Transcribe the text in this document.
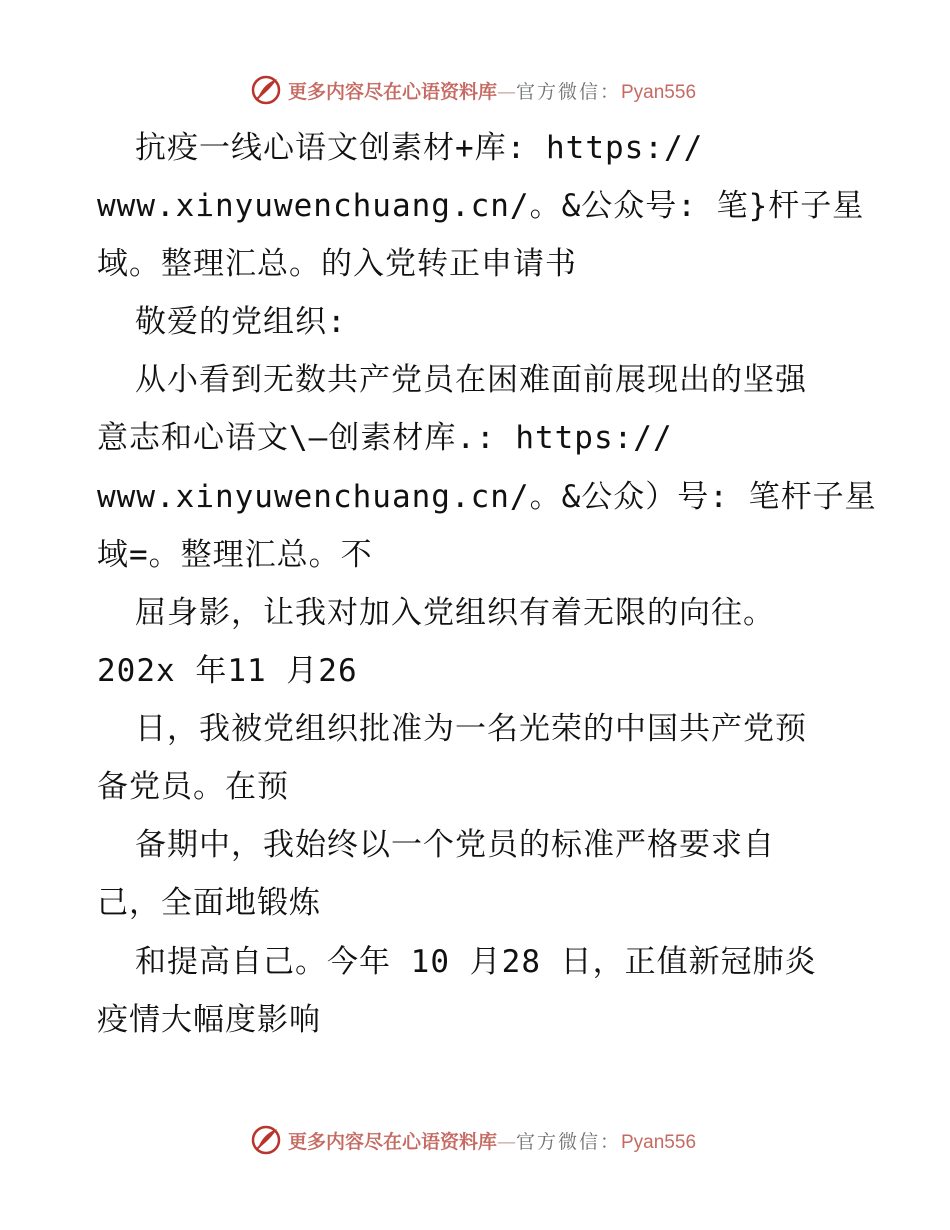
更多内容尽在心语资料库—官方微信：Pyan556
抗疫一线心语文创素材+库: https://
www.xinyuwenchuang.cn/。&公众号: 笔}杆子星
域。整理汇总。的入党转正申请书
敬爱的党组织:
从小看到无数共产党员在困难面前展现出的坚强
意志和心语文\—创素材库.: https://
www.xinyuwenchuang.cn/。&公众）号: 笔杆子星
域=。整理汇总。不
屈身影，让我对加入党组织有着无限的向往。
202x 年11 月26
日，我被党组织批准为一名光荣的中国共产党预
备党员。在预
备期中，我始终以一个党员的标准严格要求自
己，全面地锻炼
和提高自己。今年 10 月28 日，正值新冠肺炎
疫情大幅度影响
更多内容尽在心语资料库—官方微信：Pyan556
